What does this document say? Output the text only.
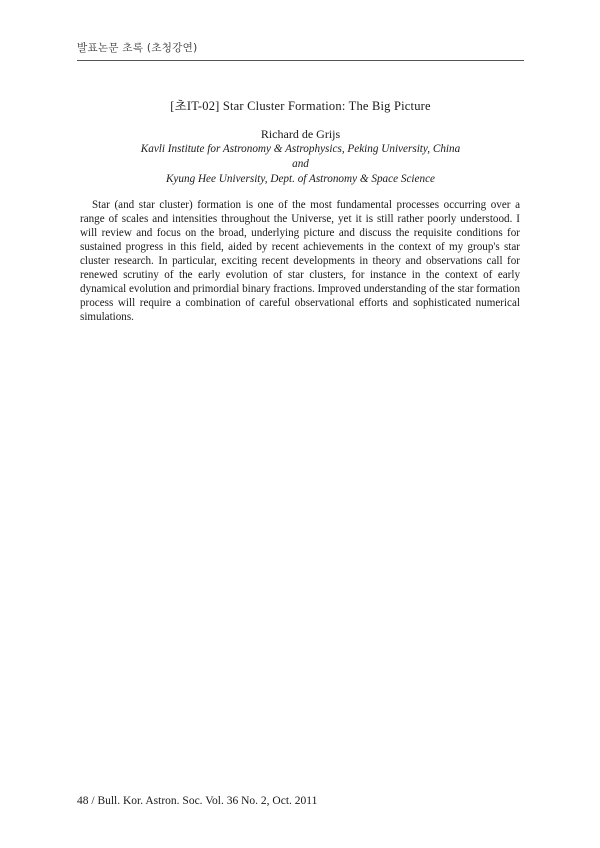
발표논문 초록 (초청강연)
[초IT-02] Star Cluster Formation: The Big Picture
Richard de Grijs
Kavli Institute for Astronomy & Astrophysics, Peking University, China
and
Kyung Hee University, Dept. of Astronomy & Space Science

Star (and star cluster) formation is one of the most fundamental processes occurring over a range of scales and intensities throughout the Universe, yet it is still rather poorly understood. I will review and focus on the broad, underlying picture and discuss the requisite conditions for sustained progress in this field, aided by recent achievements in the context of my group's star cluster research. In particular, exciting recent developments in theory and observations call for renewed scrutiny of the early evolution of star clusters, for instance in the context of early dynamical evolution and primordial binary fractions. Improved understanding of the star formation process will require a combination of careful observational efforts and sophisticated numerical simulations.

48 / Bull. Kor. Astron. Soc. Vol. 36 No. 2, Oct. 2011
